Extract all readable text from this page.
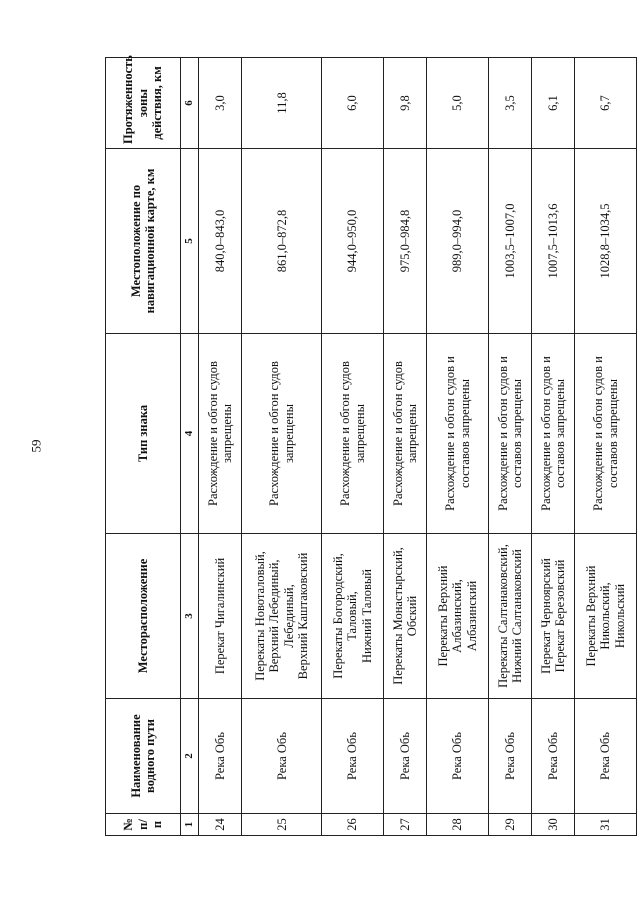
59
№
п/п	Наименование
водного пути	Месторасположение	Тип знака	Местоположение по
навигационной карте, км	Протяженность
зоны
действия, км
1	2	3	4	5	6
24	Река Обь	Перекат Чигалинский	Расхождение и обгон судов
запрещены	840,0–843,0	3,0
25	Река Обь	Перекаты Новоталовый,
Верхний Лебединый,
Лебединый,
Верхний Каштаковский	Расхождение и обгон судов
запрещены	861,0–872,8	11,8
26	Река Обь	Перекаты Богородский,
Таловый,
Нижний Таловый	Расхождение и обгон судов
запрещены	944,0–950,0	6,0
27	Река Обь	Перекаты Монастырский,
Обский	Расхождение и обгон судов
запрещены	975,0–984,8	9,8
28	Река Обь	Перекаты Верхний
Албазинский,
Албазинский	Расхождение и обгон судов и
составов запрещены	989,0–994,0	5,0
29	Река Обь	Перекаты Салтанаковский,
Нижний Салтанаковский	Расхождение и обгон судов и
составов запрещены	1003,5–1007,0	3,5
30	Река Обь	Перекат Черноярский
Перекат Березовский	Расхождение и обгон судов и
составов запрещены	1007,5–1013,6	6,1
31	Река Обь	Перекаты Верхний
Никольский,
Никольский	Расхождение и обгон судов и
составов запрещены	1028,8–1034,5	6,7
